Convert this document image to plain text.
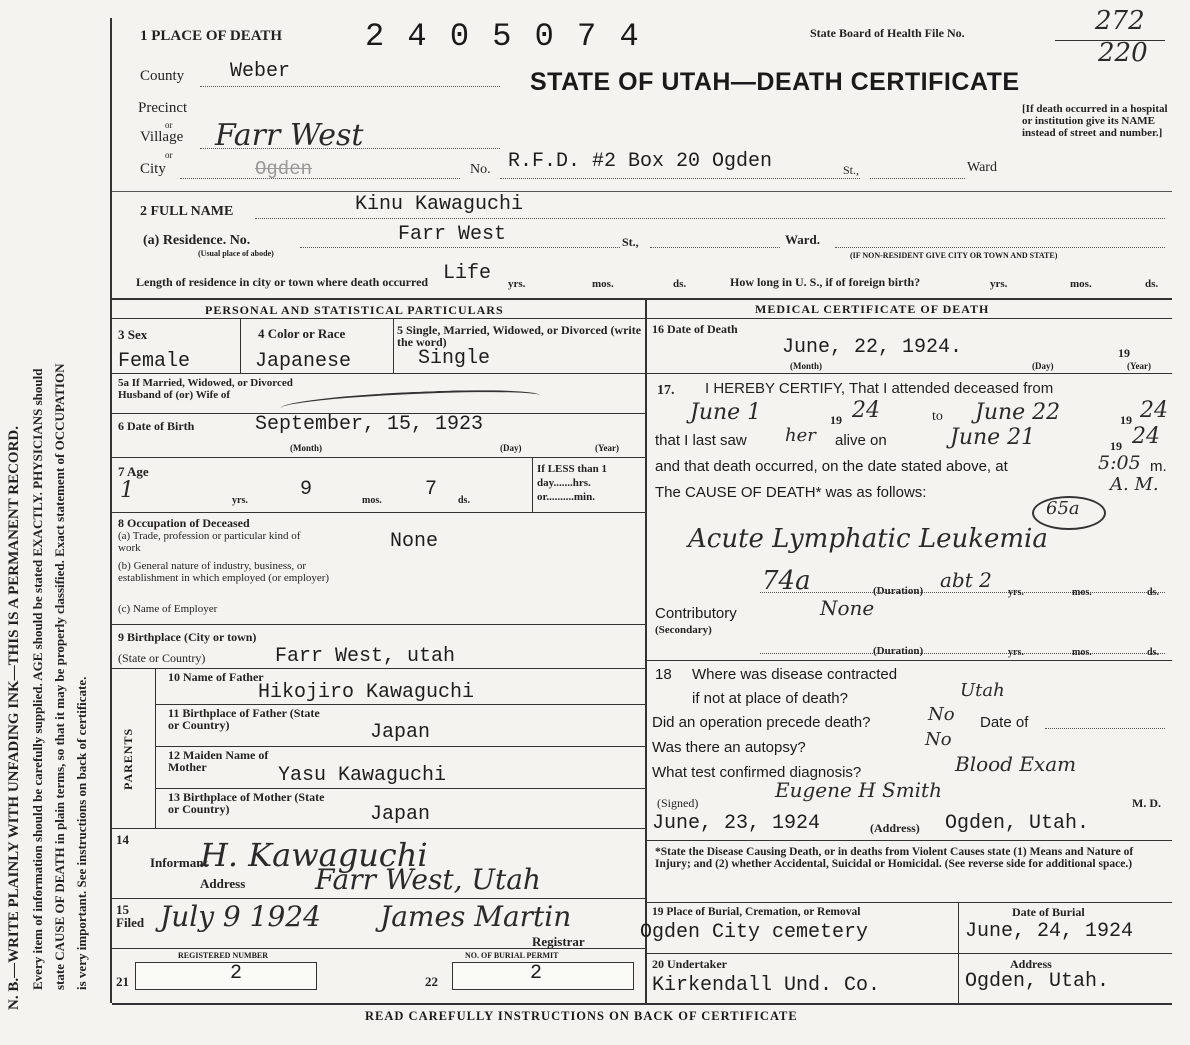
N. B.—WRITE PLAINLY WITH UNFADING INK—THIS IS A PERMANENT RECORD. Every item of information should be carefully supplied. AGE should be stated EXACTLY. PHYSICIANS should state CAUSE OF DEATH in plain terms, so that it may be properly classified. Exact statement of OCCUPATION is very important. See instructions on back of certificate.
1 PLACE OF DEATH	2 4 0 5 0 7 4	State Board of Health File No.	272
220
County Weber	STATE OF UTAH—DEATH CERTIFICATE
Precinct
or
Village Farr West
or
City	Ogden	No. R.F.D. #2 Box 20 Ogden	St.,	Ward
[If death occurred in a hospital or institution give its NAME instead of street and number.]
2 FULL NAME	Kinu Kawaguchi
(a) Residence. No.
(Usual place of abode)
Farr West	St.,	Ward.
(IF NON-RESIDENT GIVE CITY OR TOWN AND STATE)
Length of residence in city or town where death occurred Life yrs.	mos.	ds.	How long in U. S., if of foreign birth?	yrs.	mos.	ds.
PERSONAL AND STATISTICAL PARTICULARS	MEDICAL CERTIFICATE OF DEATH
3 Sex
Female
4 Color or Race
Japanese
5 Single, Married, Widowed, or Divorced (write the word)
Single
5a If Married, Widowed, or Divorced Husband of (or) Wife of
6 Date of Birth	September, 15, 1923
(Month)	(Day)	(Year)
7 Age
1	yrs.	9	mos. 7 ds.
If LESS than 1 day.......hrs. or..........min.
8 Occupation of Deceased
(a) Trade, profession or particular kind of work	None
(b) General nature of industry, business, or establishment in which employed (or employer)
(c) Name of Employer
9 Birthplace (City or town)
(State or Country)	Farr West, utah
PARENTS
10 Name of Father
Hikojiro Kawaguchi
11 Birthplace of Father (State or Country)	Japan
12 Maiden Name of Mother	Yasu Kawaguchi
13 Birthplace of Mother (State or Country)	Japan
14
Informant
H. Kawaguchi
Address Farr West, Utah
15
Filed July 9 1924 James Martin
Registrar
REGISTERED NUMBER
21	2
NO. OF BURIAL PERMIT
22	2
16 Date of Death
June, 22, 1924.	19
(Month)	(Day)	(Year)
17. I HEREBY CERTIFY, That I attended deceased from
June 1	19 24	to June 22	19 24
that I last saw her alive on	June 21	19 24
and that death occurred, on the date stated above, at	5:05 m.
A. M.
The CAUSE OF DEATH* was as follows:
65a
Acute Lymphatic Leukemia
74a	(Duration) abt 2
yrs.	mos.	ds.
Contributory
(Secondary)
None
(Duration)	yrs.	mos.	ds.
18 Where was disease contracted
if not at place of death?	Utah
Did an operation precede death?	No Date of
Was there an autopsy?	No
What test confirmed diagnosis?	Blood Exam
(Signed)
Eugene H Smith
M. D.
June, 23, 1924	(Address) Ogden, Utah.
*State the Disease Causing Death, or in deaths from Violent Causes state (1) Means and Nature of Injury; and (2) whether Accidental, Suicidal or Homicidal. (See reverse side for additional space.)
19 Place of Burial, Cremation, or Removal
Ogden City cemetery
Date of Burial
June, 24, 1924
20 Undertaker
Kirkendall Und. Co.
Address
Ogden, Utah.
READ CAREFULLY INSTRUCTIONS ON BACK OF CERTIFICATE
